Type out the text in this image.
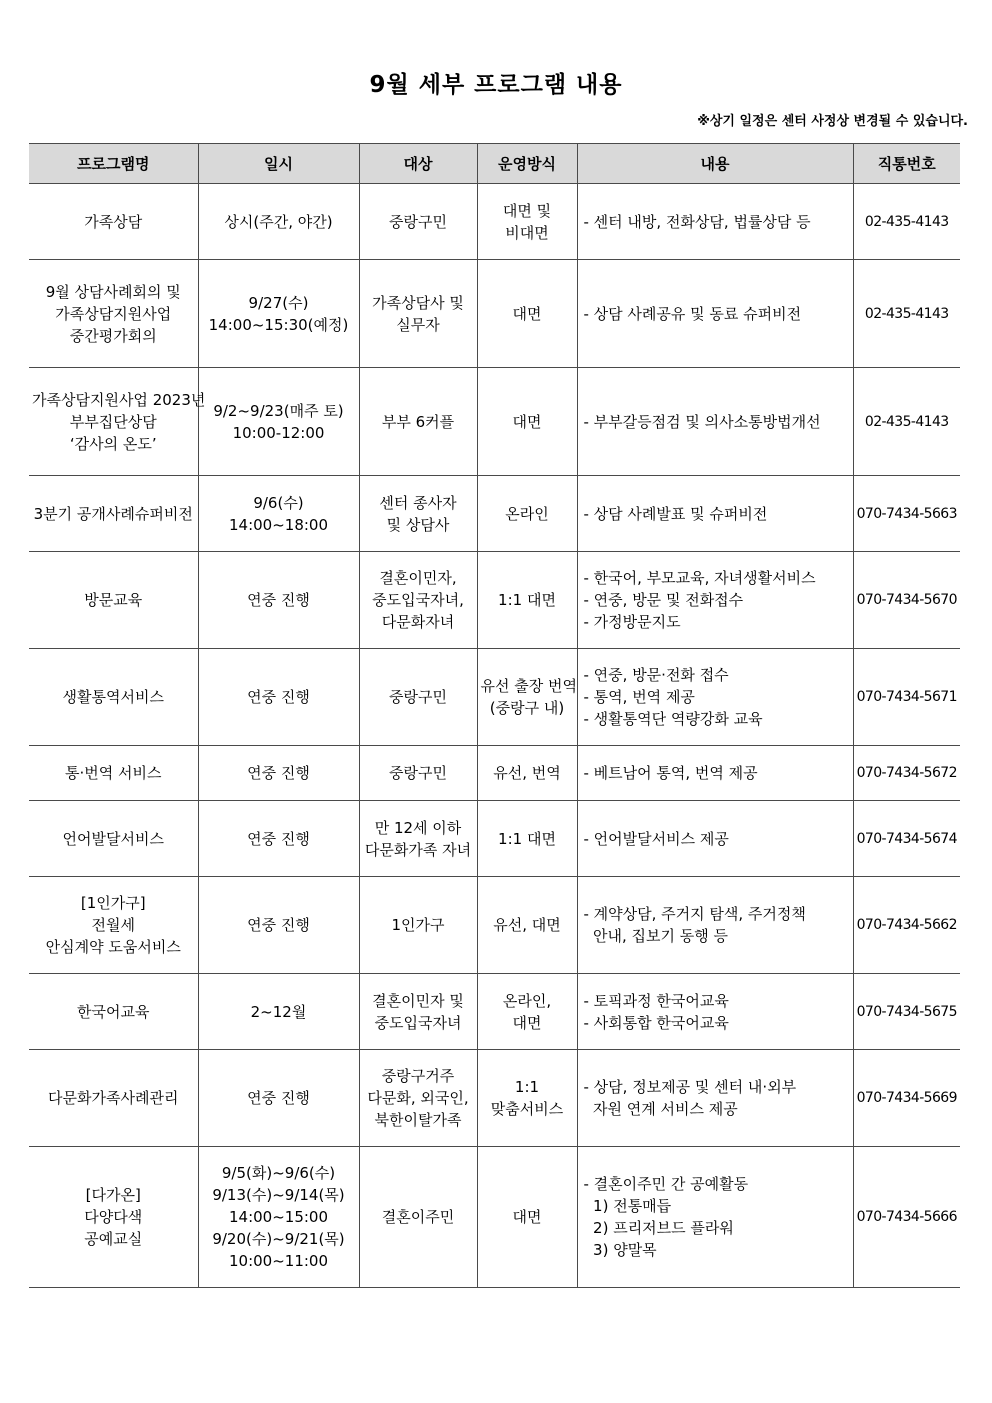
9월 세부 프로그램 내용
※상기 일정은 센터 사정상 변경될 수 있습니다.
프로그램명	일시	대상	운영방식	내용	직통번호

가족상담	상시(주간, 야간)	중랑구민	대면 및
비대면	- 센터 내방, 전화상담, 법률상담 등	02-435-4143

9월 상담사례회의 및
가족상담지원사업
중간평가회의	9/27(수)
14:00~15:30(예정)	가족상담사 및
실무자	대면	- 상담 사례공유 및 동료 슈퍼비전	02-435-4143

가족상담지원사업 2023년
부부집단상담
‘감사의 온도’	9/2~9/23(매주 토)
10:00-12:00	부부 6커플	대면	- 부부갈등점검 및 의사소통방법개선	02-435-4143

3분기 공개사례슈퍼비전	9/6(수)
14:00~18:00	센터 종사자
및 상담사	온라인	- 상담 사례발표 및 슈퍼비전	070-7434-5663

방문교육	연중 진행	결혼이민자,
중도입국자녀,
다문화자녀	1:1 대면	- 한국어, 부모교육, 자녀생활서비스
- 연중, 방문 및 전화접수
- 가정방문지도	070-7434-5670

생활통역서비스	연중 진행	중랑구민	유선 출장 번역
(중랑구 내)	- 연중, 방문·전화 접수
- 통역, 번역 제공
- 생활통역단 역량강화 교육	070-7434-5671

통·번역 서비스	연중 진행	중랑구민	유선, 번역	- 베트남어 통역, 번역 제공	070-7434-5672

언어발달서비스	연중 진행	만 12세 이하
다문화가족 자녀	1:1 대면	- 언어발달서비스 제공	070-7434-5674

[1인가구]
전월세
안심계약 도움서비스	연중 진행	1인가구	유선, 대면	- 계약상담, 주거지 탐색, 주거정책
안내, 집보기 동행 등	070-7434-5662

한국어교육	2~12월	결혼이민자 및
중도입국자녀	온라인,
대면	- 토픽과정 한국어교육
- 사회통합 한국어교육	070-7434-5675

다문화가족사례관리	연중 진행	중랑구거주
다문화, 외국인,
북한이탈가족	1:1
맞춤서비스	- 상담, 정보제공 및 센터 내·외부
자원 연계 서비스 제공	070-7434-5669

[다가온]
다양다색
공예교실	9/5(화)~9/6(수)
9/13(수)~9/14(목)
14:00~15:00
9/20(수)~9/21(목)
10:00~11:00	결혼이주민	대면	- 결혼이주민 간 공예활동
1) 전통매듭
2) 프리저브드 플라워
3) 양말목	070-7434-5666
